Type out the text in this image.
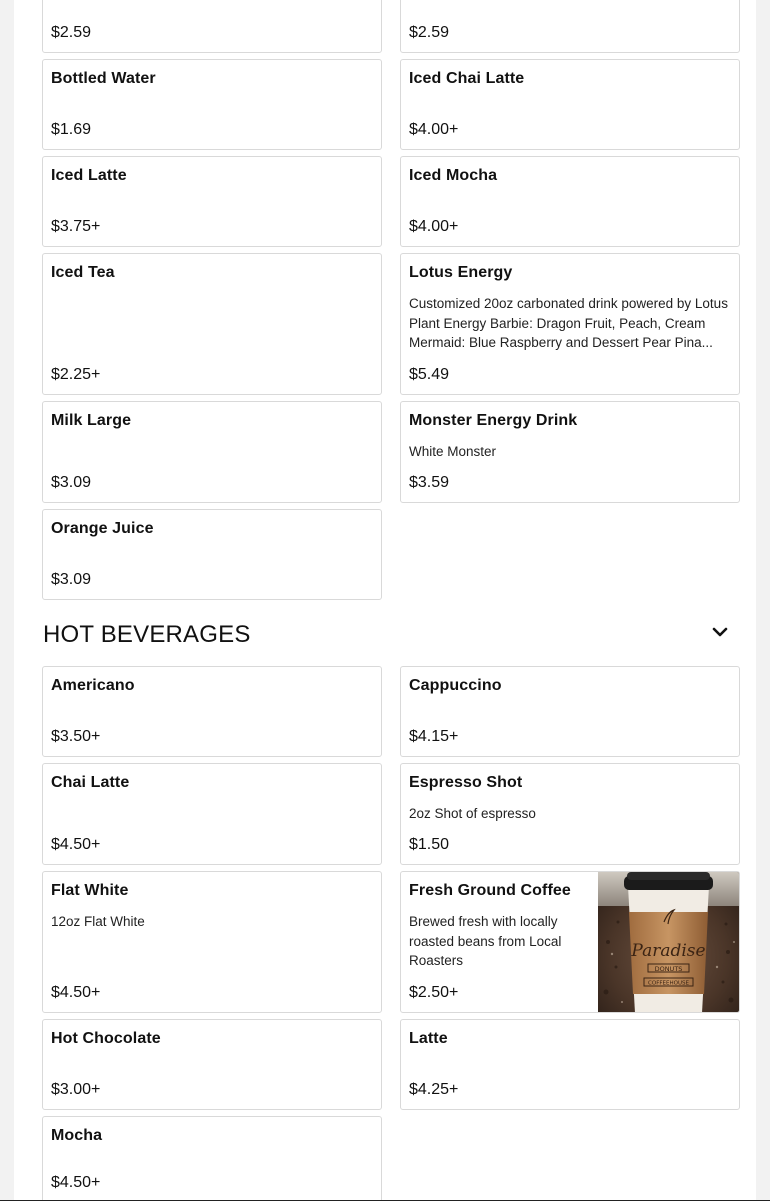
$2.59	$2.59
Bottled Water
$1.69
Iced Chai Latte
$4.00+
Iced Latte
$3.75+
Iced Mocha
$4.00+
Iced Tea
$2.25+
Lotus Energy
Customized 20oz carbonated drink powered by Lotus Plant Energy Barbie: Dragon Fruit, Peach, Cream Mermaid: Blue Raspberry and Dessert Pear Pina...
$5.49
Milk Large
$3.09
Monster Energy Drink
White Monster
$3.59
Orange Juice
$3.09
HOT BEVERAGES
Americano
$3.50+
Cappuccino
$4.15+
Chai Latte
$4.50+
Espresso Shot
2oz Shot of espresso
$1.50
Flat White
12oz Flat White
$4.50+
Fresh Ground Coffee
Brewed fresh with locally roasted beans from Local Roasters
$2.50+
Paradise
DONUTS
COFFEEHOUSE
Hot Chocolate
$3.00+
Latte
$4.25+
Mocha
$4.50+
